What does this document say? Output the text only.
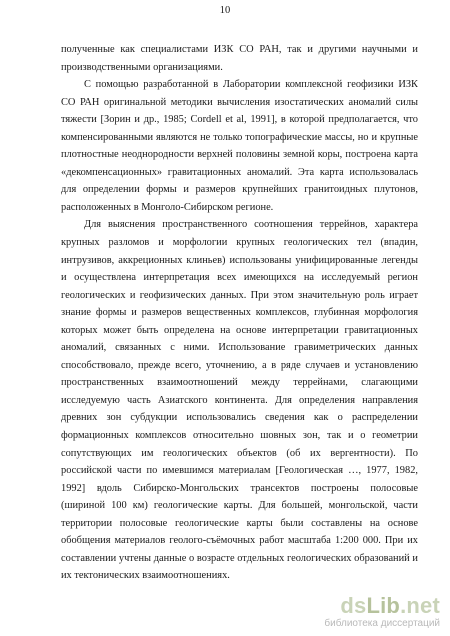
10

полученные как специалистами ИЗК СО РАН, так и другими научными и производственными организациями.

С помощью разработанной в Лаборатории комплексной геофизики ИЗК СО РАН оригинальной методики вычисления изостатических аномалий силы тяжести [Зорин и др., 1985; Cordell et al, 1991], в которой предполагается, что компенсированными являются не только топографические массы, но и крупные плотностные неоднородности верхней половины земной коры, построена карта «декомпенсационных» гравитационных аномалий. Эта карта использовалась для определении формы и размеров крупнейших гранитоидных плутонов, расположенных в Монголо-Сибирском регионе.

Для выяснения пространственного соотношения террейнов, характера крупных разломов и морфологии крупных геологических тел (впадин, интрузивов, аккреционных клиньев) использованы унифицированные легенды и осуществлена интерпретация всех имеющихся на исследуемый регион геологических и геофизических данных. При этом значительную роль играет знание формы и размеров вещественных комплексов, глубинная морфология которых может быть определена на основе интерпретации гравитационных аномалий, связанных с ними. Использование гравиметрических данных способствовало, прежде всего, уточнению, а в ряде случаев и установлению пространственных взаимоотношений между террейнами, слагающими исследуемую часть Азиатского континента. Для определения направления древних зон субдукции использовались сведения как о распределении формационных комплексов относительно шовных зон, так и о геометрии сопутствующих им геологических объектов (об их вергентности). По российской части по имевшимся материалам [Геологическая …, 1977, 1982, 1992] вдоль Сибирско-Монгольских трансектов построены полосовые (шириной 100 км) геологические карты. Для большей, монгольской, части территории полосовые геологические карты были составлены на основе обобщения материалов геолого-съёмочных работ масштаба 1:200 000. При их составлении учтены данные о возрасте отдельных геологических образований и их тектонических взаимоотношениях.

dsLib.net
библиотека диссертаций
